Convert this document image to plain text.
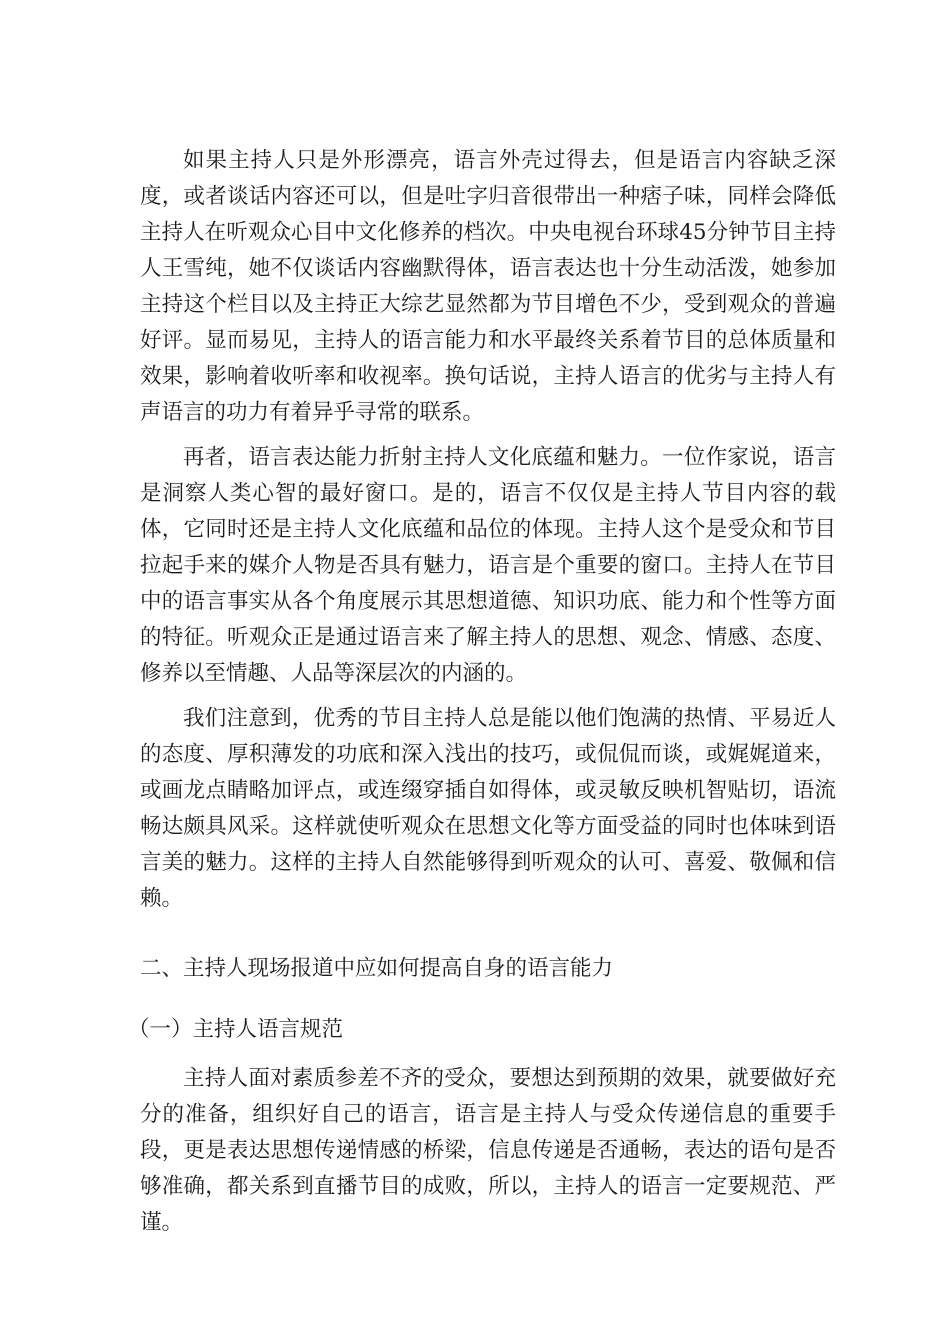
如果主持人只是外形漂亮，语言外壳过得去，但是语言内容缺乏深度，或者谈话内容还可以，但是吐字归音很带出一种痞子味，同样会降低主持人在听观众心目中文化修养的档次。中央电视台环球45分钟节目主持人王雪纯，她不仅谈话内容幽默得体，语言表达也十分生动活泼，她参加主持这个栏目以及主持正大综艺显然都为节目增色不少，受到观众的普遍好评。显而易见，主持人的语言能力和水平最终关系着节目的总体质量和效果，影响着收听率和收视率。换句话说，主持人语言的优劣与主持人有声语言的功力有着异乎寻常的联系。

再者，语言表达能力折射主持人文化底蕴和魅力。一位作家说，语言是洞察人类心智的最好窗口。是的，语言不仅仅是主持人节目内容的载体，它同时还是主持人文化底蕴和品位的体现。主持人这个是受众和节目拉起手来的媒介人物是否具有魅力，语言是个重要的窗口。主持人在节目中的语言事实从各个角度展示其思想道德、知识功底、能力和个性等方面的特征。听观众正是通过语言来了解主持人的思想、观念、情感、态度、修养以至情趣、人品等深层次的内涵的。

我们注意到，优秀的节目主持人总是能以他们饱满的热情、平易近人的态度、厚积薄发的功底和深入浅出的技巧，或侃侃而谈，或娓娓道来，或画龙点睛略加评点，或连缀穿插自如得体，或灵敏反映机智贴切，语流畅达颇具风采。这样就使听观众在思想文化等方面受益的同时也体味到语言美的魅力。这样的主持人自然能够得到听观众的认可、喜爱、敬佩和信赖。

二、主持人现场报道中应如何提高自身的语言能力
（一）主持人语言规范

主持人面对素质参差不齐的受众，要想达到预期的效果，就要做好充分的准备，组织好自己的语言，语言是主持人与受众传递信息的重要手段，更是表达思想传递情感的桥梁，信息传递是否通畅，表达的语句是否够准确，都关系到直播节目的成败，所以，主持人的语言一定要规范、严谨。
